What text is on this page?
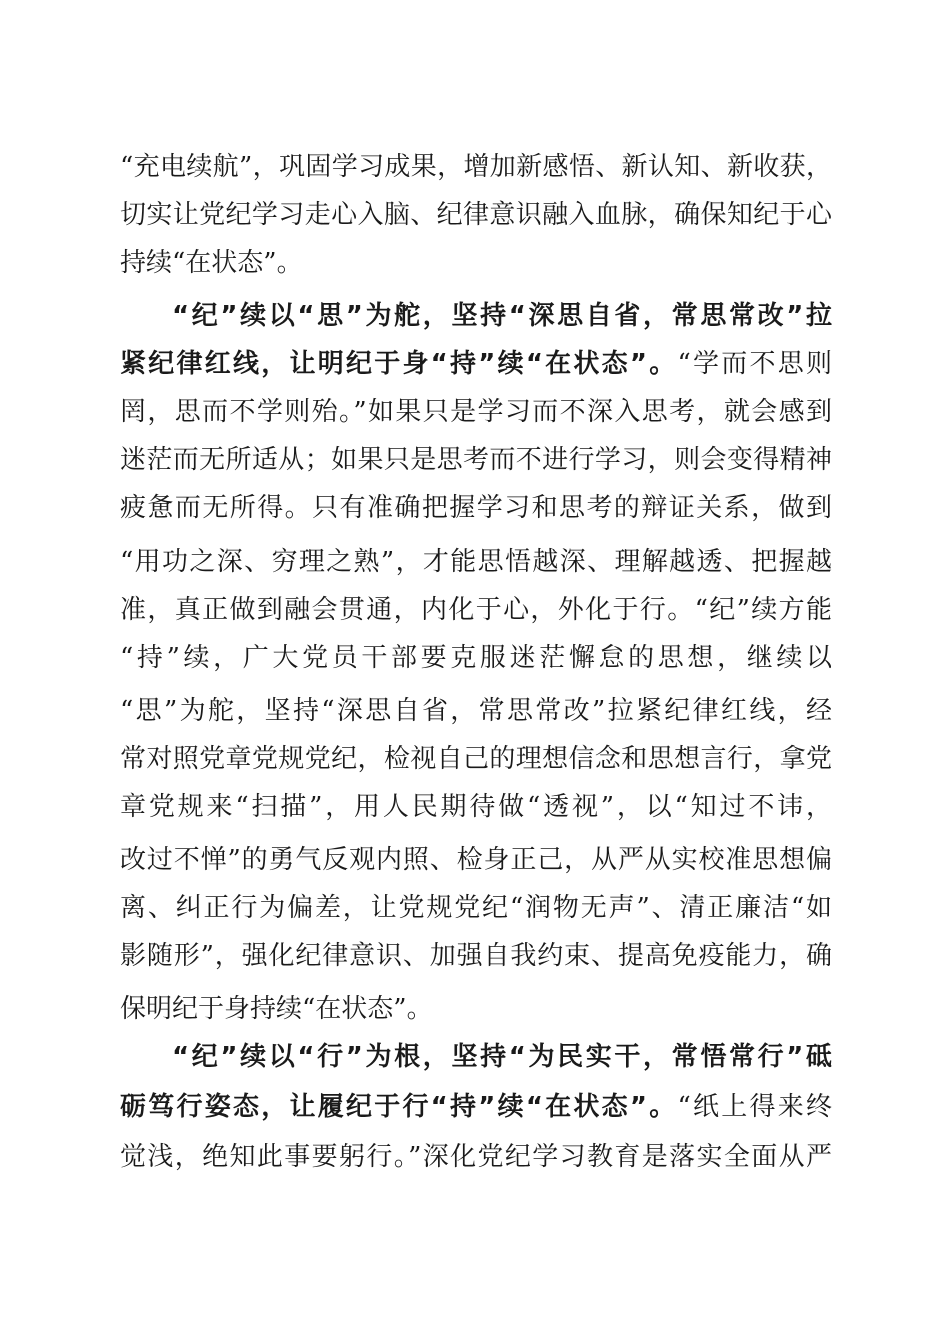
“充电续航”，巩固学习成果，增加新感悟、新认知、新收获，
切实让党纪学习走心入脑、纪律意识融入血脉，确保知纪于心
持续“在状态”。
“纪”续以“思”为舵，坚持“深思自省，常思常改”拉
紧纪律红线，让明纪于身“持”续“在状态”。“学而不思则
罔，思而不学则殆。”如果只是学习而不深入思考，就会感到
迷茫而无所适从；如果只是思考而不进行学习，则会变得精神
疲惫而无所得。只有准确把握学习和思考的辩证关系，做到
“用功之深、穷理之熟”，才能思悟越深、理解越透、把握越
准，真正做到融会贯通，内化于心，外化于行。“纪”续方能
“持”续，广大党员干部要克服迷茫懈怠的思想，继续以
“思”为舵，坚持“深思自省，常思常改”拉紧纪律红线，经
常对照党章党规党纪，检视自己的理想信念和思想言行，拿党
章党规来“扫描”，用人民期待做“透视”，以“知过不讳，
改过不惮”的勇气反观内照、检身正己，从严从实校准思想偏
离、纠正行为偏差，让党规党纪“润物无声”、清正廉洁“如
影随形”，强化纪律意识、加强自我约束、提高免疫能力，确
保明纪于身持续“在状态”。
“纪”续以“行”为根，坚持“为民实干，常悟常行”砥
砺笃行姿态，让履纪于行“持”续“在状态”。“纸上得来终
觉浅，绝知此事要躬行。”深化党纪学习教育是落实全面从严
